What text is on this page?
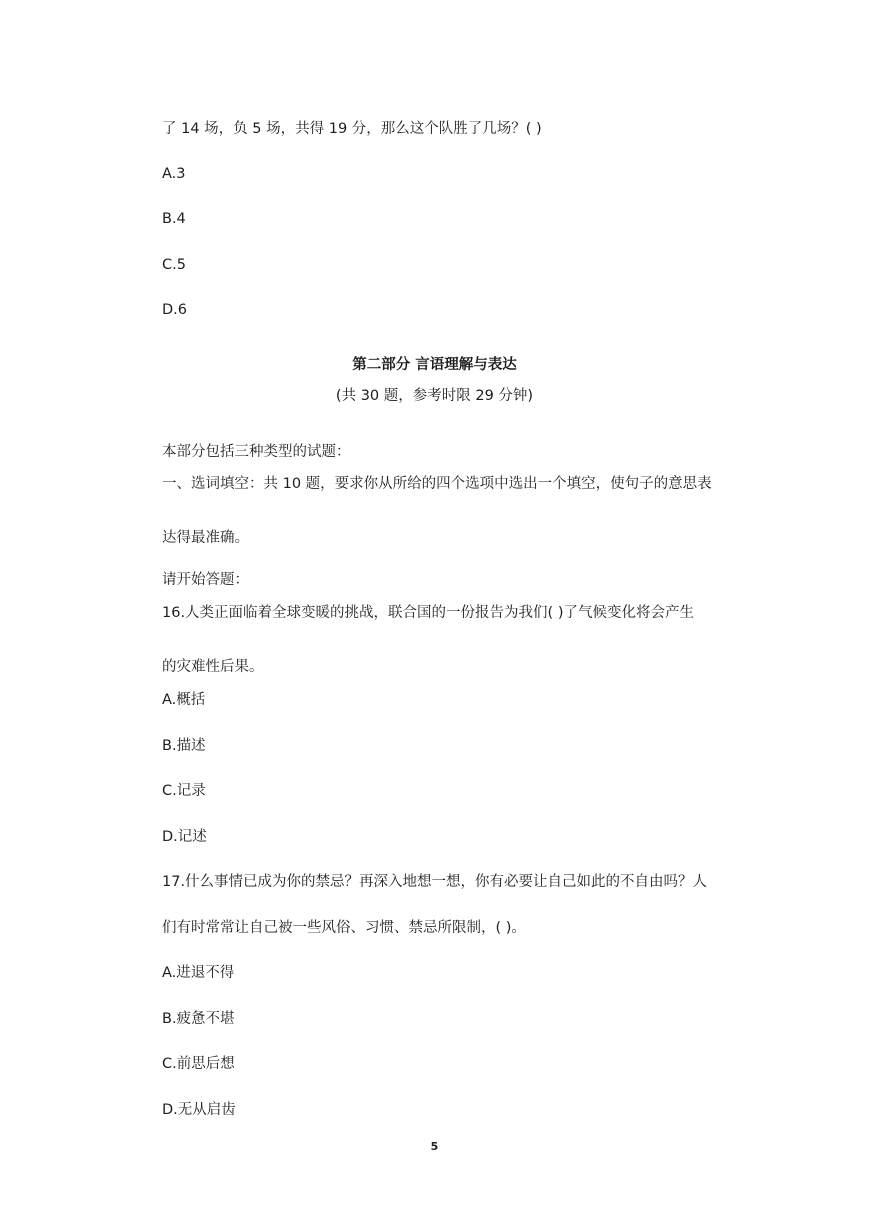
了 14 场，负 5 场，共得 19 分，那么这个队胜了几场？( )
A.3
B.4
C.5
D.6
第二部分 言语理解与表达
(共 30 题，参考时限 29 分钟)
本部分包括三种类型的试题：
一、选词填空：共 10 题，要求你从所给的四个选项中选出一个填空，使句子的意思表
达得最准确。
请开始答题：
16.人类正面临着全球变暖的挑战，联合国的一份报告为我们( )了气候变化将会产生
的灾难性后果。
A.概括
B.描述
C.记录
D.记述
17.什么事情已成为你的禁忌？再深入地想一想，你有必要让自己如此的不自由吗？人
们有时常常让自己被一些风俗、习惯、禁忌所限制，( )。
A.进退不得
B.疲惫不堪
C.前思后想
D.无从启齿
5
